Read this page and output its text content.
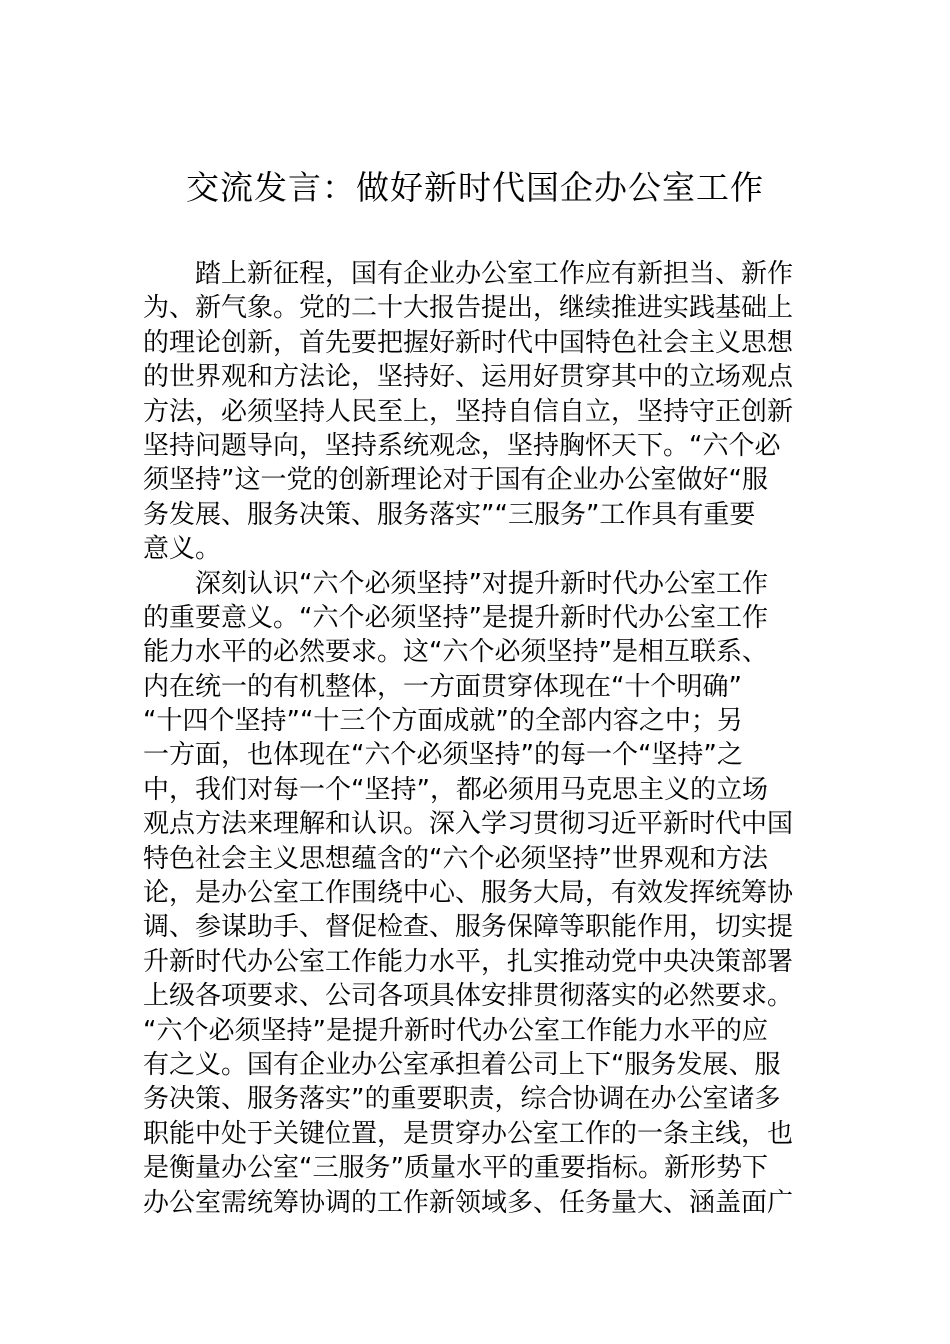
交流发言：做好新时代国企办公室工作
踏上新征程，国有企业办公室工作应有新担当、新作
为、新气象。党的二十大报告提出，继续推进实践基础上
的理论创新，首先要把握好新时代中国特色社会主义思想
的世界观和方法论，坚持好、运用好贯穿其中的立场观点
方法，必须坚持人民至上，坚持自信自立，坚持守正创新
坚持问题导向，坚持系统观念，坚持胸怀天下。“六个必
须坚持”这一党的创新理论对于国有企业办公室做好“服
务发展、服务决策、服务落实”“三服务”工作具有重要
意义。
深刻认识“六个必须坚持”对提升新时代办公室工作
的重要意义。“六个必须坚持”是提升新时代办公室工作
能力水平的必然要求。这“六个必须坚持”是相互联系、
内在统一的有机整体，一方面贯穿体现在“十个明确”
“十四个坚持”“十三个方面成就”的全部内容之中；另
一方面，也体现在“六个必须坚持”的每一个“坚持”之
中，我们对每一个“坚持”，都必须用马克思主义的立场
观点方法来理解和认识。深入学习贯彻习近平新时代中国
特色社会主义思想蕴含的“六个必须坚持”世界观和方法
论，是办公室工作围绕中心、服务大局，有效发挥统筹协
调、参谋助手、督促检查、服务保障等职能作用，切实提
升新时代办公室工作能力水平，扎实推动党中央决策部署
上级各项要求、公司各项具体安排贯彻落实的必然要求。
“六个必须坚持”是提升新时代办公室工作能力水平的应
有之义。国有企业办公室承担着公司上下“服务发展、服
务决策、服务落实”的重要职责，综合协调在办公室诸多
职能中处于关键位置，是贯穿办公室工作的一条主线，也
是衡量办公室“三服务”质量水平的重要指标。新形势下
办公室需统筹协调的工作新领域多、任务量大、涵盖面广
